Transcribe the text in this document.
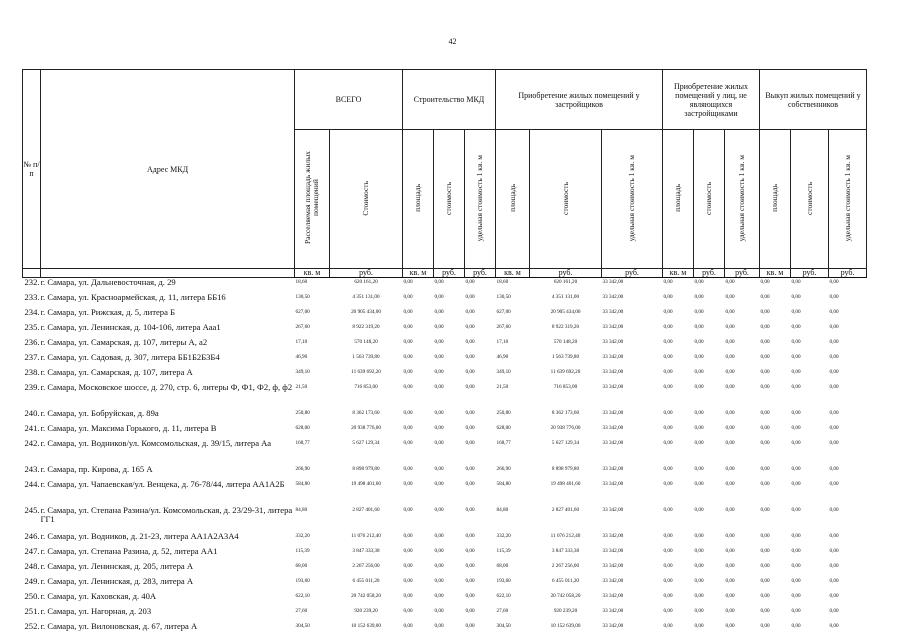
42
№ п/п	Адрес МКД	ВСЕГО		Строительство МКД			Приобретение жилых помещений у застройщиков			Приобретение жилых помещений у лиц, не являющихся застройщиками			Выкуп жилых помещений у собственников		
		Расселяемая площадь жилых помещений	Стоимость	площадь	стоимость	удельная стоимость 1 кв. м	площадь	стоимость	удельная стоимость 1 кв. м	площадь	стоимость	удельная стоимость 1 кв. м	площадь	стоимость	удельная стоимость 1 кв. м
		кв. м	руб.	кв. м	руб.	руб.	кв. м	руб.	руб.	кв. м	руб.	руб.	кв. м	руб.	руб.
232.	г. Самара, ул. Дальневосточная, д. 29	18,60	620 161,20	0,00	0,00	0,00	18,60	620 161,20	33 342,00	0,00	0,00	0,00	0,00	0,00	0,00
233.	г. Самара, ул. Красноармейская, д. 11, литера ББ16	130,50	4 351 131,00	0,00	0,00	0,00	130,50	4 351 131,00	33 342,00	0,00	0,00	0,00	0,00	0,00	0,00
234.	г. Самара, ул. Рижская, д. 5, литера Б	627,00	20 905 434,00	0,00	0,00	0,00	627,00	20 905 434,00	33 342,00	0,00	0,00	0,00	0,00	0,00	0,00
235.	г. Самара, ул. Ленинская, д. 104-106, литера Ааа1	267,60	8 922 319,20	0,00	0,00	0,00	267,60	8 922 319,20	33 342,00	0,00	0,00	0,00	0,00	0,00	0,00
236.	г. Самара, ул. Самарская, д. 107, литеры А, а2	17,10	570 148,20	0,00	0,00	0,00	17,10	570 148,20	33 342,00	0,00	0,00	0,00	0,00	0,00	0,00
237.	г. Самара, ул. Садовая, д. 307, литера ББ1Б2Б3Б4	46,90	1 563 739,80	0,00	0,00	0,00	46,90	1 563 739,80	33 342,00	0,00	0,00	0,00	0,00	0,00	0,00
238.	г. Самара, ул. Самарская, д. 107, литера А	349,10	11 639 692,20	0,00	0,00	0,00	349,10	11 639 692,20	33 342,00	0,00	0,00	0,00	0,00	0,00	0,00
239.	г. Самара, Московское шоссе, д. 270, стр. 6, литеры Ф, Ф1, Ф2, ф, ф2	21,50	716 853,00	0,00	0,00	0,00	21,50	716 853,00	33 342,00	0,00	0,00	0,00	0,00	0,00	0,00
240.	г. Самара, ул. Бобруйская, д. 89а	250,80	8 362 173,60	0,00	0,00	0,00	250,80	8 362 173,60	33 342,00	0,00	0,00	0,00	0,00	0,00	0,00
241.	г. Самара, ул. Максима Горького, д. 11, литера В	628,00	20 938 776,00	0,00	0,00	0,00	628,00	20 938 776,00	33 342,00	0,00	0,00	0,00	0,00	0,00	0,00
242.	г. Самара, ул. Водников/ул. Комсомольская, д. 39/15, литера Аа	168,77	5 627 129,34	0,00	0,00	0,00	168,77	5 627 129,34	33 342,00	0,00	0,00	0,00	0,00	0,00	0,00
243.	г. Самара, пр. Кирова, д. 165 А	266,90	8 898 979,80	0,00	0,00	0,00	266,90	8 898 979,80	33 342,00	0,00	0,00	0,00	0,00	0,00	0,00
244.	г. Самара, ул. Чапаевская/ул. Венцека, д. 76-78/44, литера АА1А2Б	584,80	19 498 401,60	0,00	0,00	0,00	584,80	19 498 401,60	33 342,00	0,00	0,00	0,00	0,00	0,00	0,00
245.	г. Самара, ул. Степана Разина/ул. Комсомольская, д. 23/29-31, литера ГГ1	84,80	2 827 401,60	0,00	0,00	0,00	84,80	2 827 401,60	33 342,00	0,00	0,00	0,00	0,00	0,00	0,00
246.	г. Самара, ул. Водников, д. 21-23, литера АА1А2А3А4	332,20	11 076 212,40	0,00	0,00	0,00	332,20	11 076 212,40	33 342,00	0,00	0,00	0,00	0,00	0,00	0,00
247.	г. Самара, ул. Степана Разина, д. 52, литера АА1	115,39	3 847 333,38	0,00	0,00	0,00	115,39	3 847 333,38	33 342,00	0,00	0,00	0,00	0,00	0,00	0,00
248.	г. Самара, ул. Ленинская, д. 205, литера А	68,00	2 267 256,00	0,00	0,00	0,00	68,00	2 267 256,00	33 342,00	0,00	0,00	0,00	0,00	0,00	0,00
249.	г. Самара, ул. Ленинская, д. 283, литера А	193,60	6 455 011,20	0,00	0,00	0,00	193,60	6 455 011,20	33 342,00	0,00	0,00	0,00	0,00	0,00	0,00
250.	г. Самара, ул. Каховская, д. 40А	622,10	20 742 058,20	0,00	0,00	0,00	622,10	20 742 058,20	33 342,00	0,00	0,00	0,00	0,00	0,00	0,00
251.	г. Самара, ул. Нагорная, д. 203	27,60	920 239,20	0,00	0,00	0,00	27,60	920 239,20	33 342,00	0,00	0,00	0,00	0,00	0,00	0,00
252.	г. Самара, ул. Вилоновская, д. 67, литера А	304,50	10 152 639,00	0,00	0,00	0,00	304,50	10 152 639,00	33 342,00	0,00	0,00	0,00	0,00	0,00	0,00
